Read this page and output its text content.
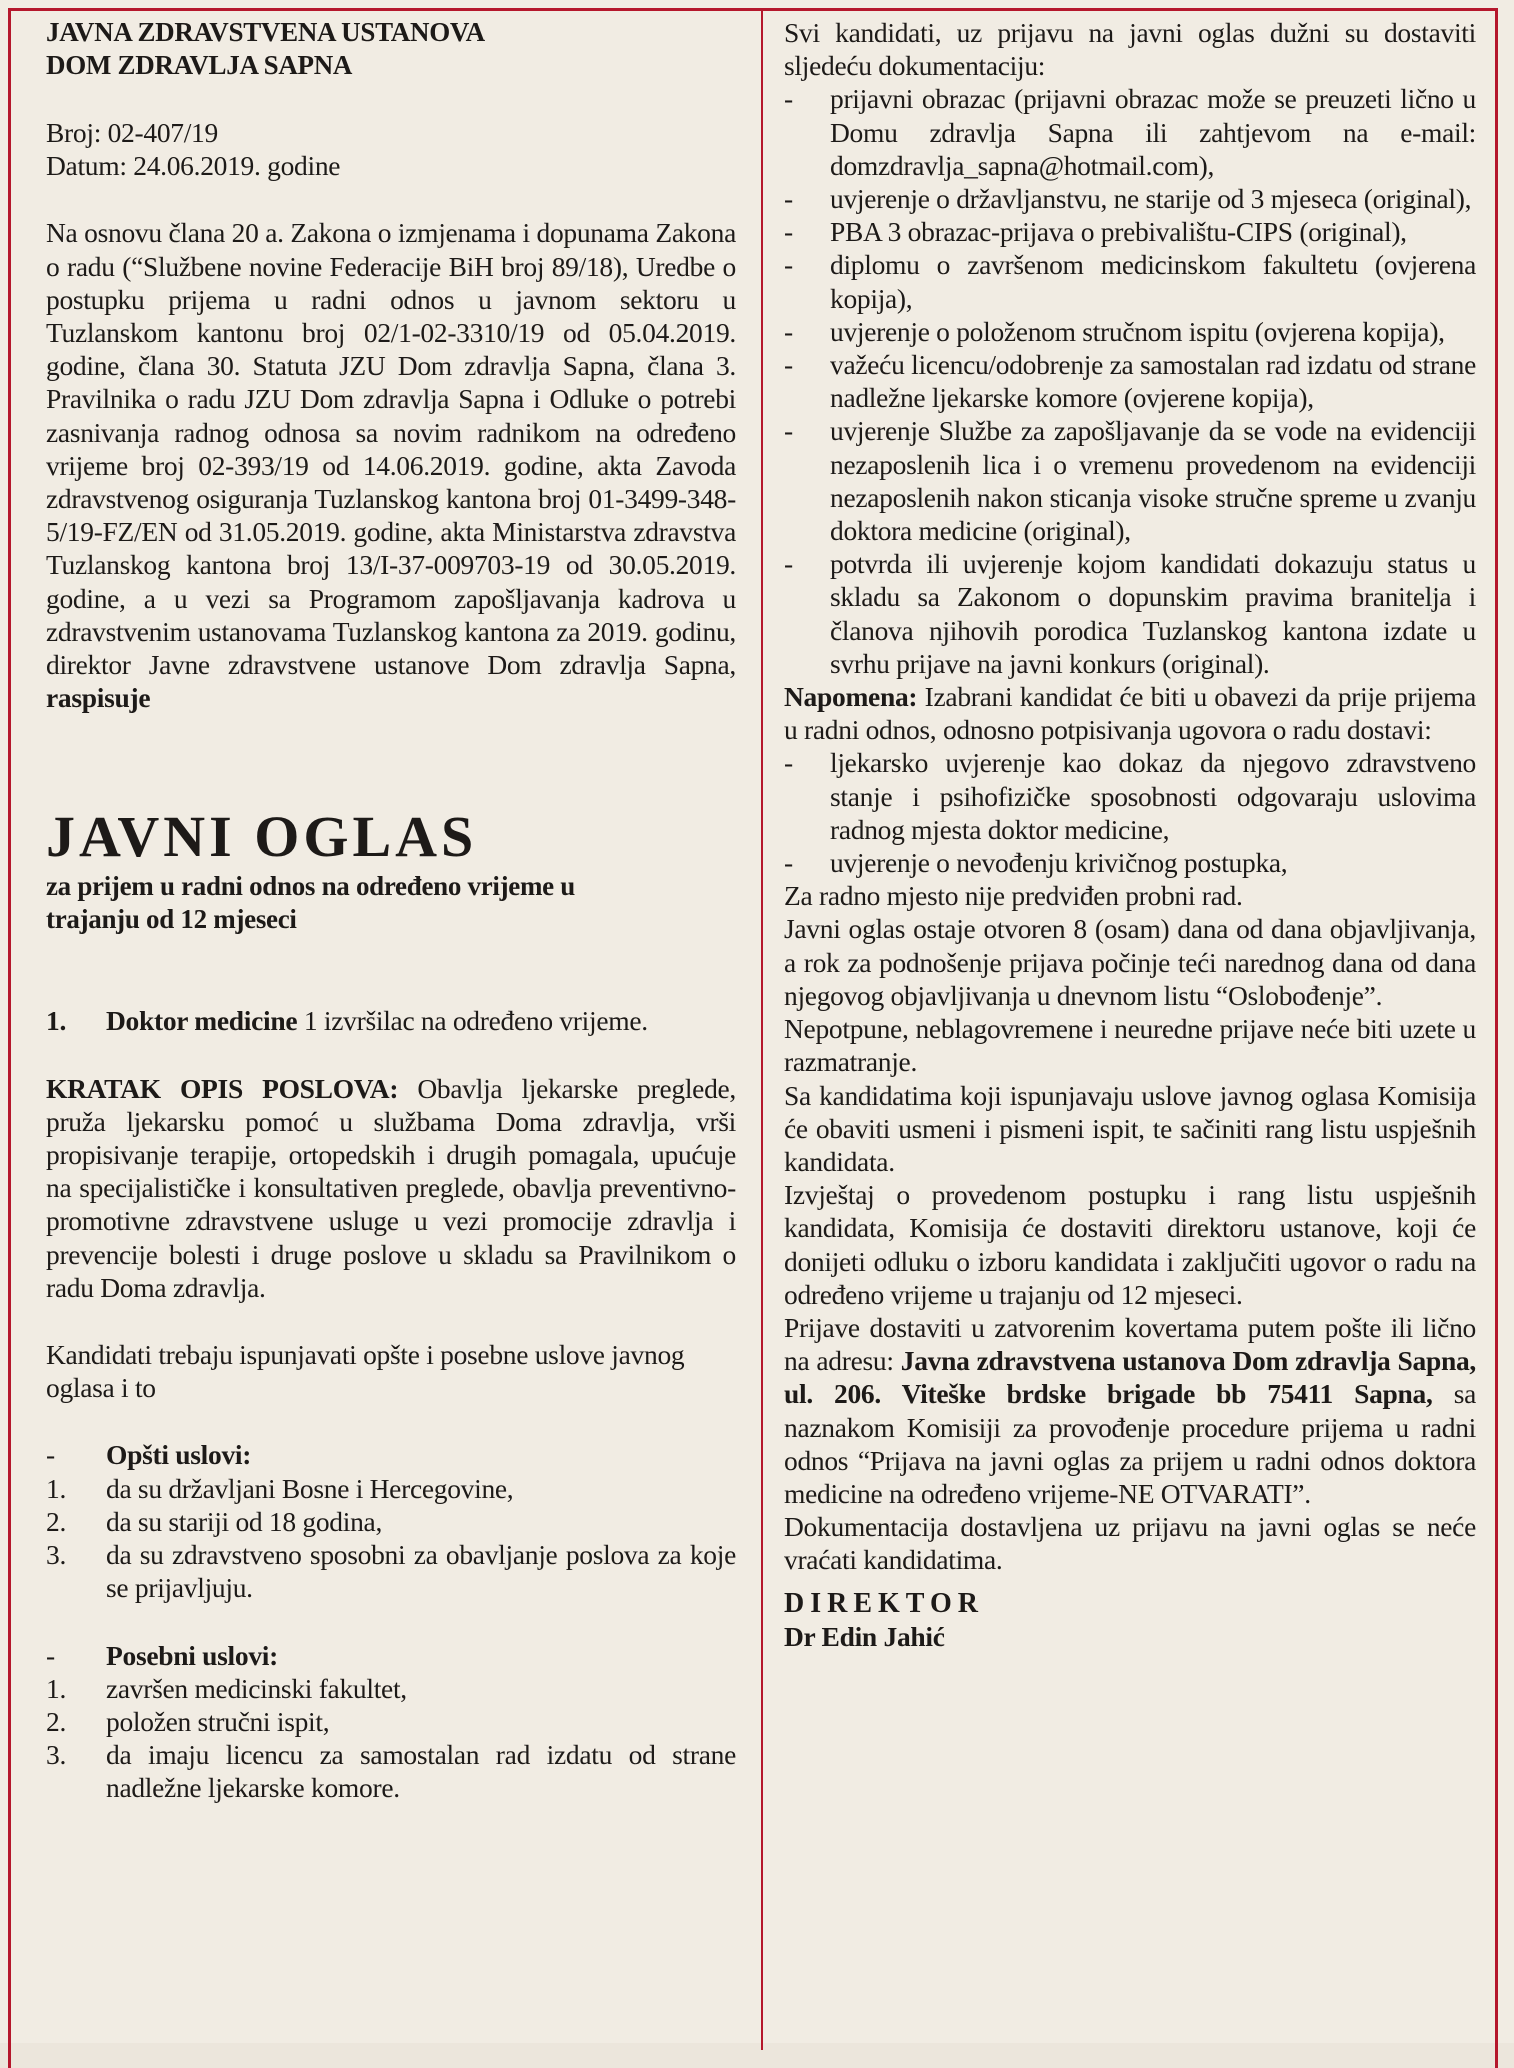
JAVNA ZDRAVSTVENA USTANOVA

DOM ZDRAVLJA SAPNA

Broj: 02-407/19

Datum: 24.06.2019. godine

Na osnovu člana 20 a. Zakona o izmjenama i dopunama Zakona o radu (“Službene novine Federacije BiH broj 89/18), Uredbe o postupku prijema u radni odnos u javnom sektoru u Tuzlanskom kantonu broj 02/1-02-3310/19 od 05.04.2019. godine, člana 30. Statuta JZU Dom zdravlja Sapna, člana 3. Pravilnika o radu JZU Dom zdravlja Sapna i Odluke o potrebi zasnivanja radnog odnosa sa novim radnikom na određeno vrijeme broj 02-393/19 od 14.06.2019. godine, akta Zavoda zdravstvenog osiguranja Tuzlanskog kantona broj 01-3499-348-5/19-FZ/EN od 31.05.2019. godine, akta Ministarstva zdravstva Tuzlanskog kantona broj 13/I-37-009703-19 od 30.05.2019. godine, a u vezi sa Programom zapošljavanja kadrova u zdravstvenim ustanovama Tuzlanskog kantona za 2019. godinu, direktor Javne zdravstvene ustanove Dom zdravlja Sapna, raspisuje

JAVNI OGLAS

za prijem u radni odnos na određeno vrijeme u

trajanju od 12 mjeseci

1.	Doktor medicine 1 izvršilac na određeno vrijeme.

KRATAK OPIS POSLOVA: Obavlja ljekarske preglede, pruža ljekarsku pomoć u službama Doma zdravlja, vrši propisivanje terapije, ortopedskih i drugih pomagala, upućuje na specijalističke i konsultativen preglede, obavlja preventivno-promotivne zdravstvene usluge u vezi promocije zdravlja i prevencije bolesti i druge poslove u skladu sa Pravilnikom o radu Doma zdravlja.

Kandidati trebaju ispunjavati opšte i posebne uslove javnog oglasa i to

-	Opšti uslovi:
1.	da su državljani Bosne i Hercegovine,
2.	da su stariji od 18 godina,
3.	da su zdravstveno sposobni za obavljanje poslova za koje se prijavljuju.
-	Posebni uslovi:
1.	završen medicinski fakultet,
2.	položen stručni ispit,
3.	da imaju licencu za samostalan rad izdatu od strane nadležne ljekarske komore.

Svi kandidati, uz prijavu na javni oglas dužni su dostaviti sljedeću dokumentaciju:

-	prijavni obrazac (prijavni obrazac može se preuzeti lično u Domu zdravlja Sapna ili zahtjevom na e-mail: domzdravlja_sapna@hotmail.com),
-	uvjerenje o državljanstvu, ne starije od 3 mjeseca (original),
-	PBA 3 obrazac-prijava o prebivalištu-CIPS (original),
-	diplomu o završenom medicinskom fakultetu (ovjerena kopija),
-	uvjerenje o položenom stručnom ispitu (ovjerena kopija),
-	važeću licencu/odobrenje za samostalan rad izdatu od strane nadležne ljekarske komore (ovjerene kopija),
-	uvjerenje Službe za zapošljavanje da se vode na evidenciji nezaposlenih lica i o vremenu provedenom na evidenciji nezaposlenih nakon sticanja visoke stručne spreme u zvanju doktora medicine (original),
-	potvrda ili uvjerenje kojom kandidati dokazuju status u skladu sa Zakonom o dopunskim pravima branitelja i članova njihovih porodica Tuzlanskog kantona izdate u svrhu prijave na javni konkurs (original).

Napomena: Izabrani kandidat će biti u obavezi da prije prijema u radni odnos, odnosno potpisivanja ugovora o radu dostavi:

-	ljekarsko uvjerenje kao dokaz da njegovo zdravstveno stanje i psihofizičke sposobnosti odgovaraju uslovima radnog mjesta doktor medicine,
-	uvjerenje o nevođenju krivičnog postupka,

Za radno mjesto nije predviđen probni rad.

Javni oglas ostaje otvoren 8 (osam) dana od dana objavljivanja, a rok za podnošenje prijava počinje teći narednog dana od dana njegovog objavljivanja u dnevnom listu “Oslobođenje”.

Nepotpune, neblagovremene i neuredne prijave neće biti uzete u razmatranje.

Sa kandidatima koji ispunjavaju uslove javnog oglasa Komisija će obaviti usmeni i pismeni ispit, te sačiniti rang listu uspješnih kandidata.

Izvještaj o provedenom postupku i rang listu uspješnih kandidata, Komisija će dostaviti direktoru ustanove, koji će donijeti odluku o izboru kandidata i zaključiti ugovor o radu na određeno vrijeme u trajanju od 12 mjeseci.

Prijave dostaviti u zatvorenim kovertama putem pošte ili lično na adresu: Javna zdravstvena ustanova Dom zdravlja Sapna, ul. 206. Viteške brdske brigade bb 75411 Sapna, sa naznakom Komisiji za provođenje procedure prijema u radni odnos “Prijava na javni oglas za prijem u radni odnos doktora medicine na određeno vrijeme-NE OTVARATI”.

Dokumentacija dostavljena uz prijavu na javni oglas se neće vraćati kandidatima.

DIREKTOR

Dr Edin Jahić
